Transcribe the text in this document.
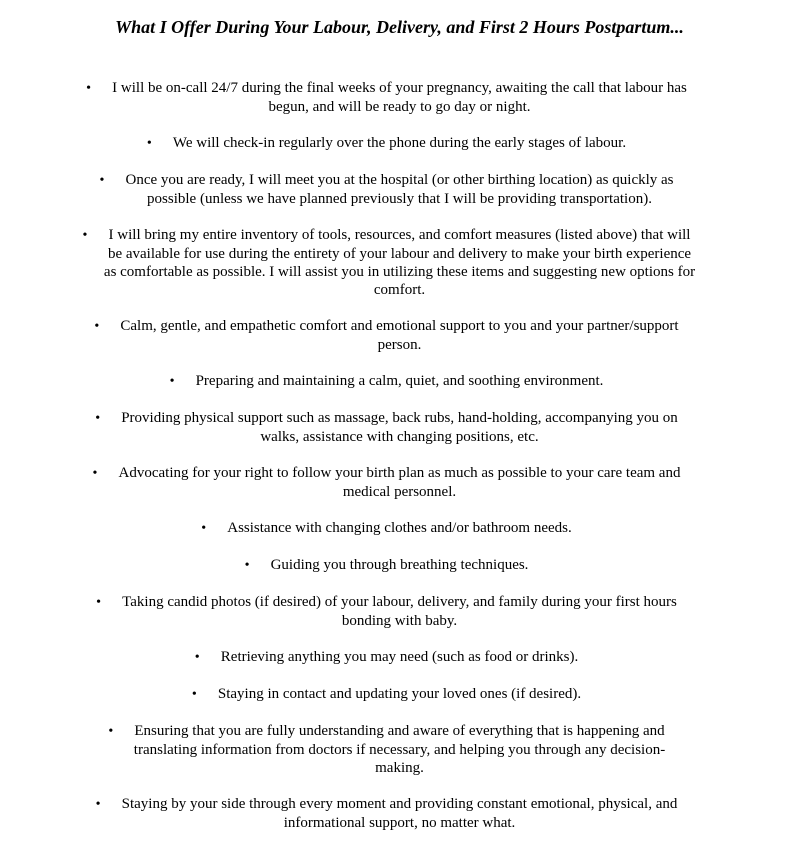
What I Offer During Your Labour, Delivery, and First 2 Hours Postpartum...
• I will be on-call 24/7 during the final weeks of your pregnancy, awaiting the call that labour has begun, and will be ready to go day or night.
• We will check-in regularly over the phone during the early stages of labour.
• Once you are ready, I will meet you at the hospital (or other birthing location) as quickly as possible (unless we have planned previously that I will be providing transportation).
• I will bring my entire inventory of tools, resources, and comfort measures (listed above) that will be available for use during the entirety of your labour and delivery to make your birth experience as comfortable as possible. I will assist you in utilizing these items and suggesting new options for comfort.
• Calm, gentle, and empathetic comfort and emotional support to you and your partner/support person.
• Preparing and maintaining a calm, quiet, and soothing environment.
• Providing physical support such as massage, back rubs, hand-holding, accompanying you on walks, assistance with changing positions, etc.
• Advocating for your right to follow your birth plan as much as possible to your care team and medical personnel.
• Assistance with changing clothes and/or bathroom needs.
• Guiding you through breathing techniques.
• Taking candid photos (if desired) of your labour, delivery, and family during your first hours bonding with baby.
• Retrieving anything you may need (such as food or drinks).
• Staying in contact and updating your loved ones (if desired).
• Ensuring that you are fully understanding and aware of everything that is happening and translating information from doctors if necessary, and helping you through any decision-making.
• Staying by your side through every moment and providing constant emotional, physical, and informational support, no matter what.
